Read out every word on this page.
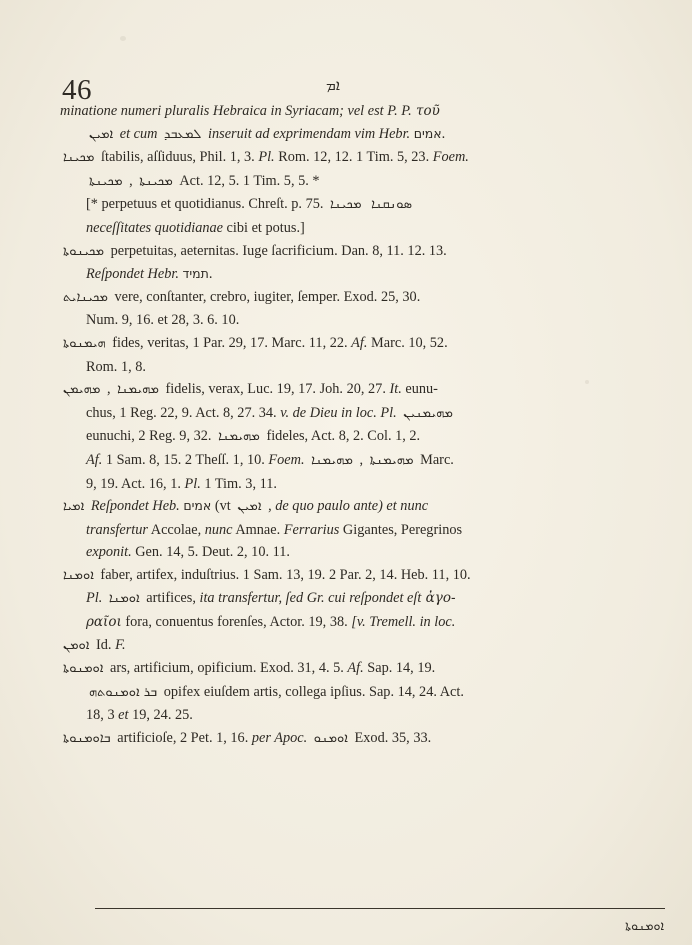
46	ܐܡ

minatione numeri pluralis Hebraica in Syriacam; vel est P. P. τοῦ

ܐܡܝܢ et cum ܠܡܥܒܕ inseruit ad exprimendam vim Hebr. אמים.

ܡܟܝܢܐ ſtabilis, aſſiduus, Phil. 1, 3. Pl. Rom. 12, 12. 1 Tim. 5, 23. Foem.

ܡܟܝܢܬܐ , ܡܟܝܢܬܐ Act. 12, 5. 1 Tim. 5, 5. *

[* perpetuus et quotidianus. Chreſt. p. 75. ܡܟܝܢܐ ܣܘܢܩܢܐ

neceſſitates quotidianae cibi et potus.]

ܡܟܝܢܘܬܐ perpetuitas, aeternitas. Iuge ſacrificium. Dan. 8, 11. 12. 13.

Reſpondet Hebr. תמיד.

ܡܟܝܢܐܝܬ vere, conſtanter, crebro, iugiter, ſemper. Exod. 25, 30.

Num. 9, 16. et 28, 3. 6. 10.

ܗܝܡܢܘܬܐ fides, veritas, 1 Par. 29, 17. Marc. 11, 22. Af. Marc. 10, 52.

Rom. 1, 8.

ܡܗܝܡܢ , ܡܗܝܡܢܐ fidelis, verax, Luc. 19, 17. Joh. 20, 27. It. eunu-

chus, 1 Reg. 22, 9. Act. 8, 27. 34. v. de Dieu in loc. Pl. ܡܗܝܡܢܝܢ

eunuchi, 2 Reg. 9, 32. ܡܗܝܡܢܐ fideles, Act. 8, 2. Col. 1, 2.

Af. 1 Sam. 8, 15. 2 Theſſ. 1, 10. Foem. ܡܗܝܡܢܐ , ܡܗܝܡܢܬܐ Marc.

9, 19. Act. 16, 1. Pl. 1 Tim. 3, 11.

ܐܡܝܐ Reſpondet Heb. אמים (vt ܐܡܝܢ , de quo paulo ante) et nunc

transfertur Accolae, nunc Amnae. Ferrarius Gigantes, Peregrinos

exponit. Gen. 14, 5. Deut. 2, 10. 11.

ܐܘܡܢܐ faber, artifex, induſtrius. 1 Sam. 13, 19. 2 Par. 2, 14. Heb. 11, 10.

Pl. ܐܘܡܢܐ artifices, ita transfertur, ſed Gr. cui reſpondet eſt ἀγο-

ραῖοι fora, conuentus forenſes, Actor. 19, 38. [v. Tremell. in loc.

ܐܘܡܢ Id. F.

ܐܘܡܢܘܬܐ ars, artificium, opificium. Exod. 31, 4. 5. Af. Sap. 14, 19.

ܒܪ ܐܘܡܢܘܬܗ opifex eiuſdem artis, collega ipſius. Sap. 14, 24. Act.

18, 3 et 19, 24. 25.

ܒܐܘܡܢܘܬܐ artificioſe, 2 Pet. 1, 16. per Apoc. ܐܘܡܢܘ Exod. 35, 33.

ܐܘܡܢܘܬܐ
